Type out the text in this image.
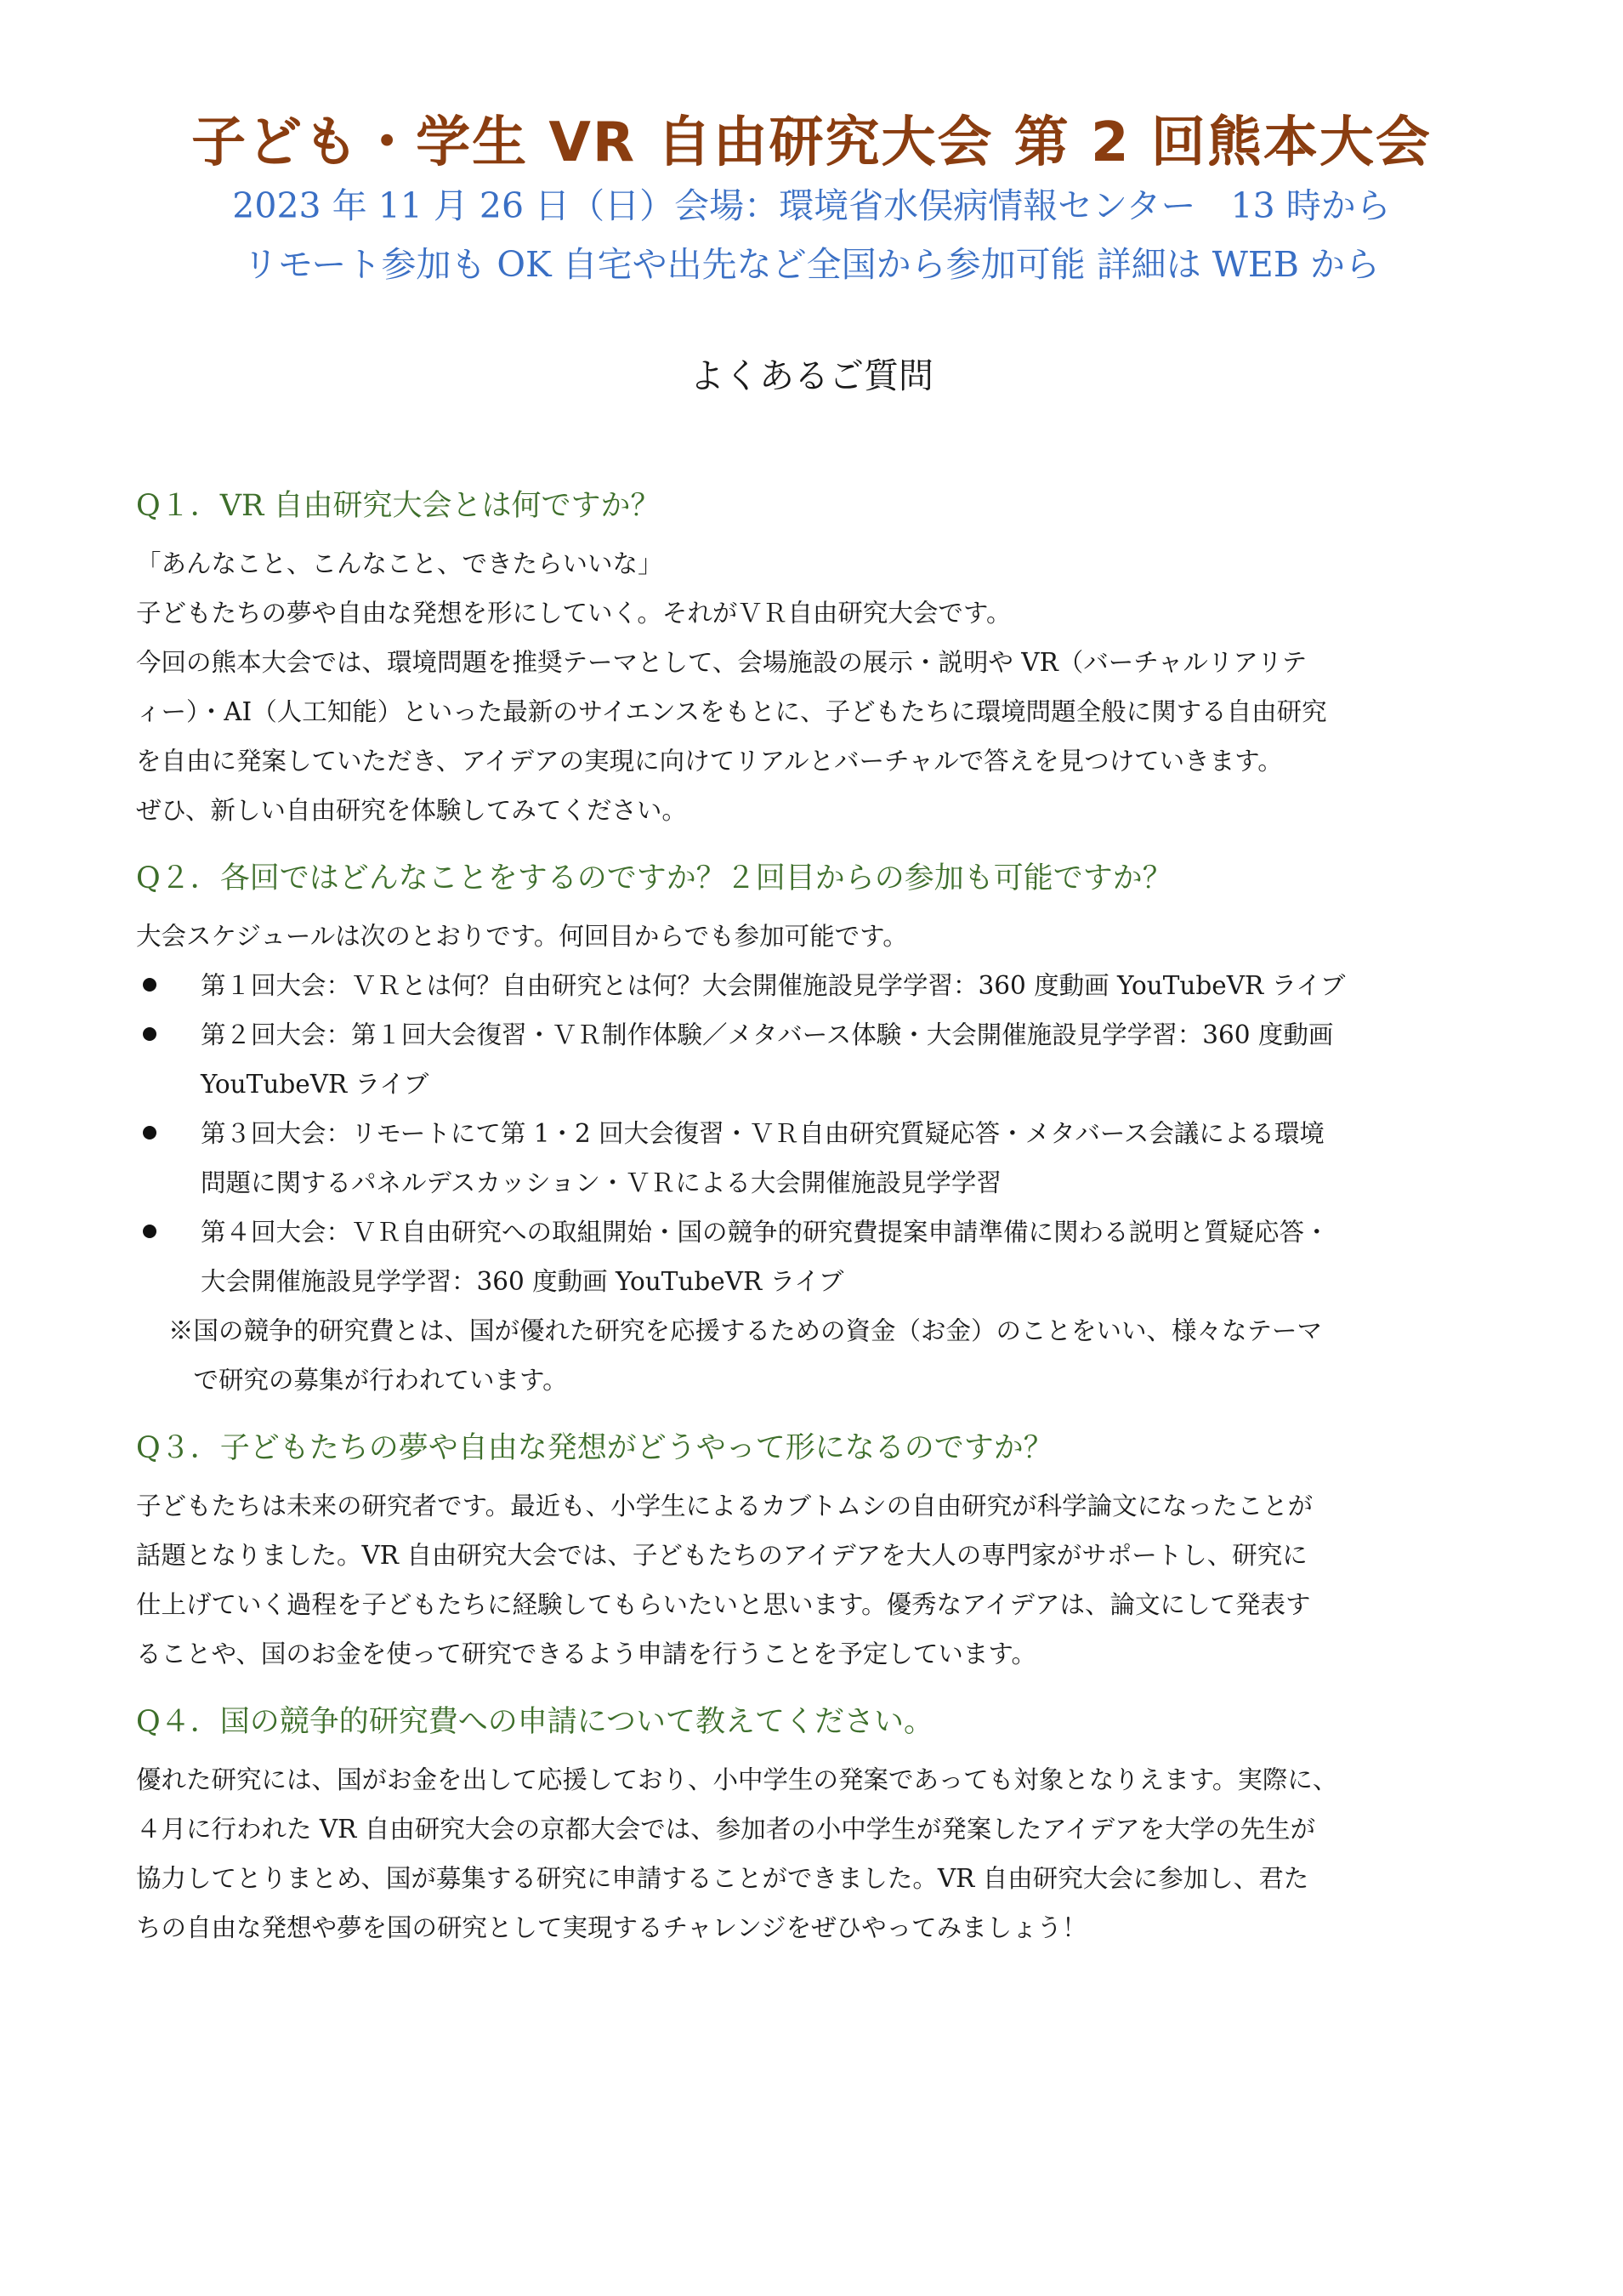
子ども・学生 VR 自由研究大会 第 2 回熊本大会
2023 年 11 月 26 日（日）会場：環境省水俣病情報センター　13 時から
リモート参加も OK 自宅や出先など全国から参加可能 詳細は WEB から
よくあるご質問

Q１．VR 自由研究大会とは何ですか？

「あんなこと、こんなこと、できたらいいな」
子どもたちの夢や自由な発想を形にしていく。それがＶＲ自由研究大会です。
今回の熊本大会では、環境問題を推奨テーマとして、会場施設の展示・説明や VR（バーチャルリアリテ
ィー）・AI（人工知能）といった最新のサイエンスをもとに、子どもたちに環境問題全般に関する自由研究
を自由に発案していただき、アイデアの実現に向けてリアルとバーチャルで答えを見つけていきます。
ぜひ、新しい自由研究を体験してみてください。

Q２．各回ではどんなことをするのですか？２回目からの参加も可能ですか？

大会スケジュールは次のとおりです。何回目からでも参加可能です。

第１回大会：ＶＲとは何？自由研究とは何？大会開催施設見学学習：360 度動画 YouTubeVR ライブ
第２回大会：第１回大会復習・ＶＲ制作体験／メタバース体験・大会開催施設見学学習：360 度動画
YouTubeVR ライブ
第３回大会：リモートにて第 1・2 回大会復習・ＶＲ自由研究質疑応答・メタバース会議による環境
問題に関するパネルデスカッション・ＶＲによる大会開催施設見学学習
第４回大会：ＶＲ自由研究への取組開始・国の競争的研究費提案申請準備に関わる説明と質疑応答・
大会開催施設見学学習：360 度動画 YouTubeVR ライブ

※国の競争的研究費とは、国が優れた研究を応援するための資金（お金）のことをいい、様々なテーマ
　で研究の募集が行われています。

Q３．子どもたちの夢や自由な発想がどうやって形になるのですか？

子どもたちは未来の研究者です。最近も、小学生によるカブトムシの自由研究が科学論文になったことが
話題となりました。VR 自由研究大会では、子どもたちのアイデアを大人の専門家がサポートし、研究に
仕上げていく過程を子どもたちに経験してもらいたいと思います。優秀なアイデアは、論文にして発表す
ることや、国のお金を使って研究できるよう申請を行うことを予定しています。

Q４．国の競争的研究費への申請について教えてください。

優れた研究には、国がお金を出して応援しており、小中学生の発案であっても対象となりえます。実際に、
４月に行われた VR 自由研究大会の京都大会では、参加者の小中学生が発案したアイデアを大学の先生が
協力してとりまとめ、国が募集する研究に申請することができました。VR 自由研究大会に参加し、君た
ちの自由な発想や夢を国の研究として実現するチャレンジをぜひやってみましょう！
